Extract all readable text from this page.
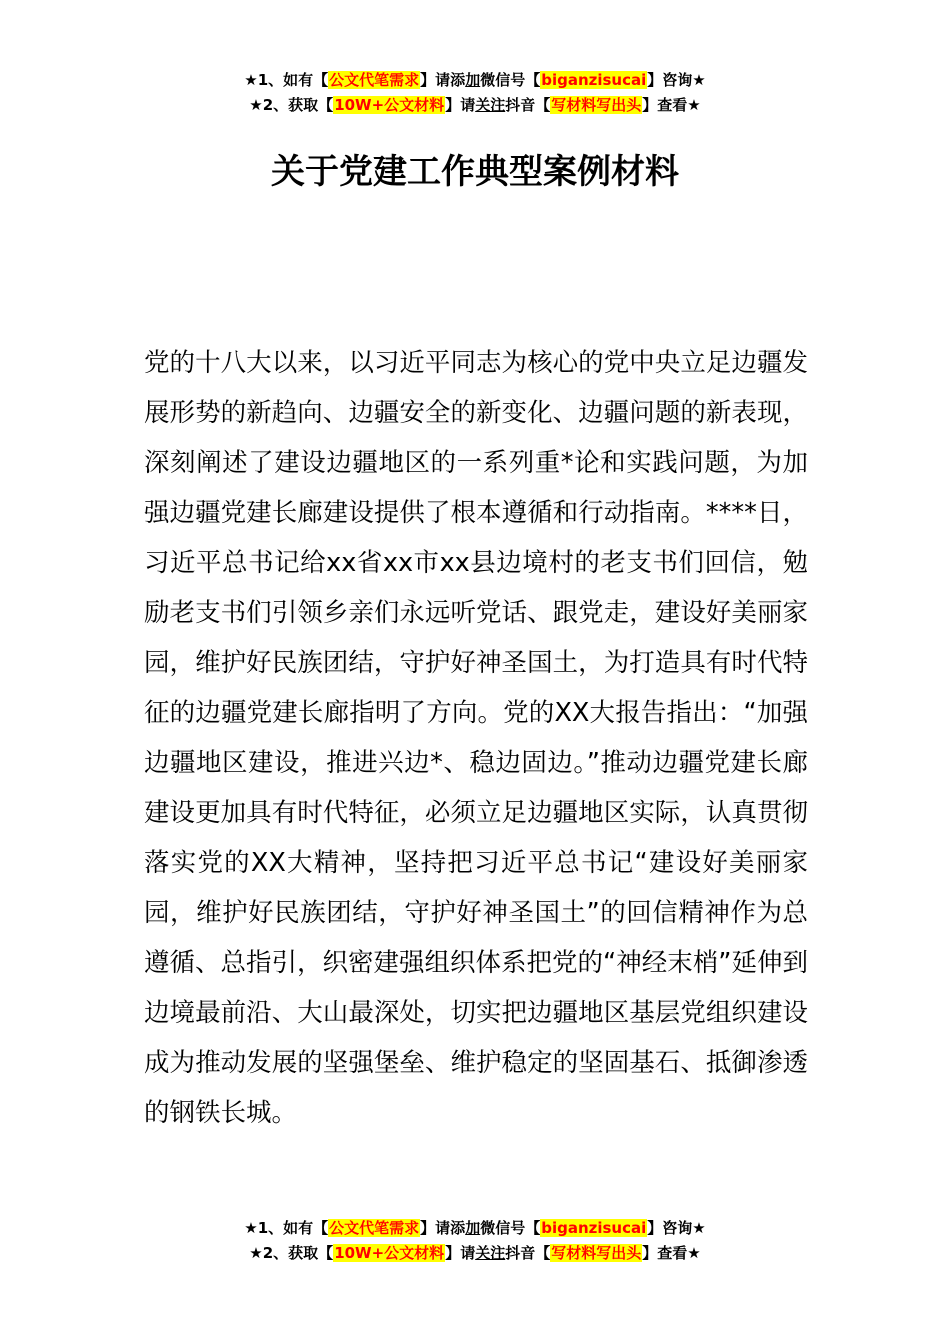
★1、如有【公文代笔需求】请添加微信号【biganzisucai】咨询★
★2、获取【10W+公文材料】请关注抖音【写材料写出头】查看★
关于党建工作典型案例材料
党的十八大以来，以习近平同志为核心的党中央立足边疆发展形势的新趋向、边疆安全的新变化、边疆问题的新表现，深刻阐述了建设边疆地区的一系列重*论和实践问题，为加强边疆党建长廊建设提供了根本遵循和行动指南。****日，习近平总书记给xx省xx市xx县边境村的老支书们回信，勉励老支书们引领乡亲们永远听党话、跟党走，建设好美丽家园，维护好民族团结，守护好神圣国土，为打造具有时代特征的边疆党建长廊指明了方向。党的XX大报告指出：“加强边疆地区建设，推进兴边*、稳边固边。”推动边疆党建长廊建设更加具有时代特征，必须立足边疆地区实际，认真贯彻落实党的XX大精神，坚持把习近平总书记“建设好美丽家园，维护好民族团结，守护好神圣国土”的回信精神作为总遵循、总指引，织密建强组织体系把党的“神经末梢”延伸到边境最前沿、大山最深处，切实把边疆地区基层党组织建设成为推动发展的坚强堡垒、维护稳定的坚固基石、抵御渗透的钢铁长城。
★1、如有【公文代笔需求】请添加微信号【biganzisucai】咨询★
★2、获取【10W+公文材料】请关注抖音【写材料写出头】查看★
